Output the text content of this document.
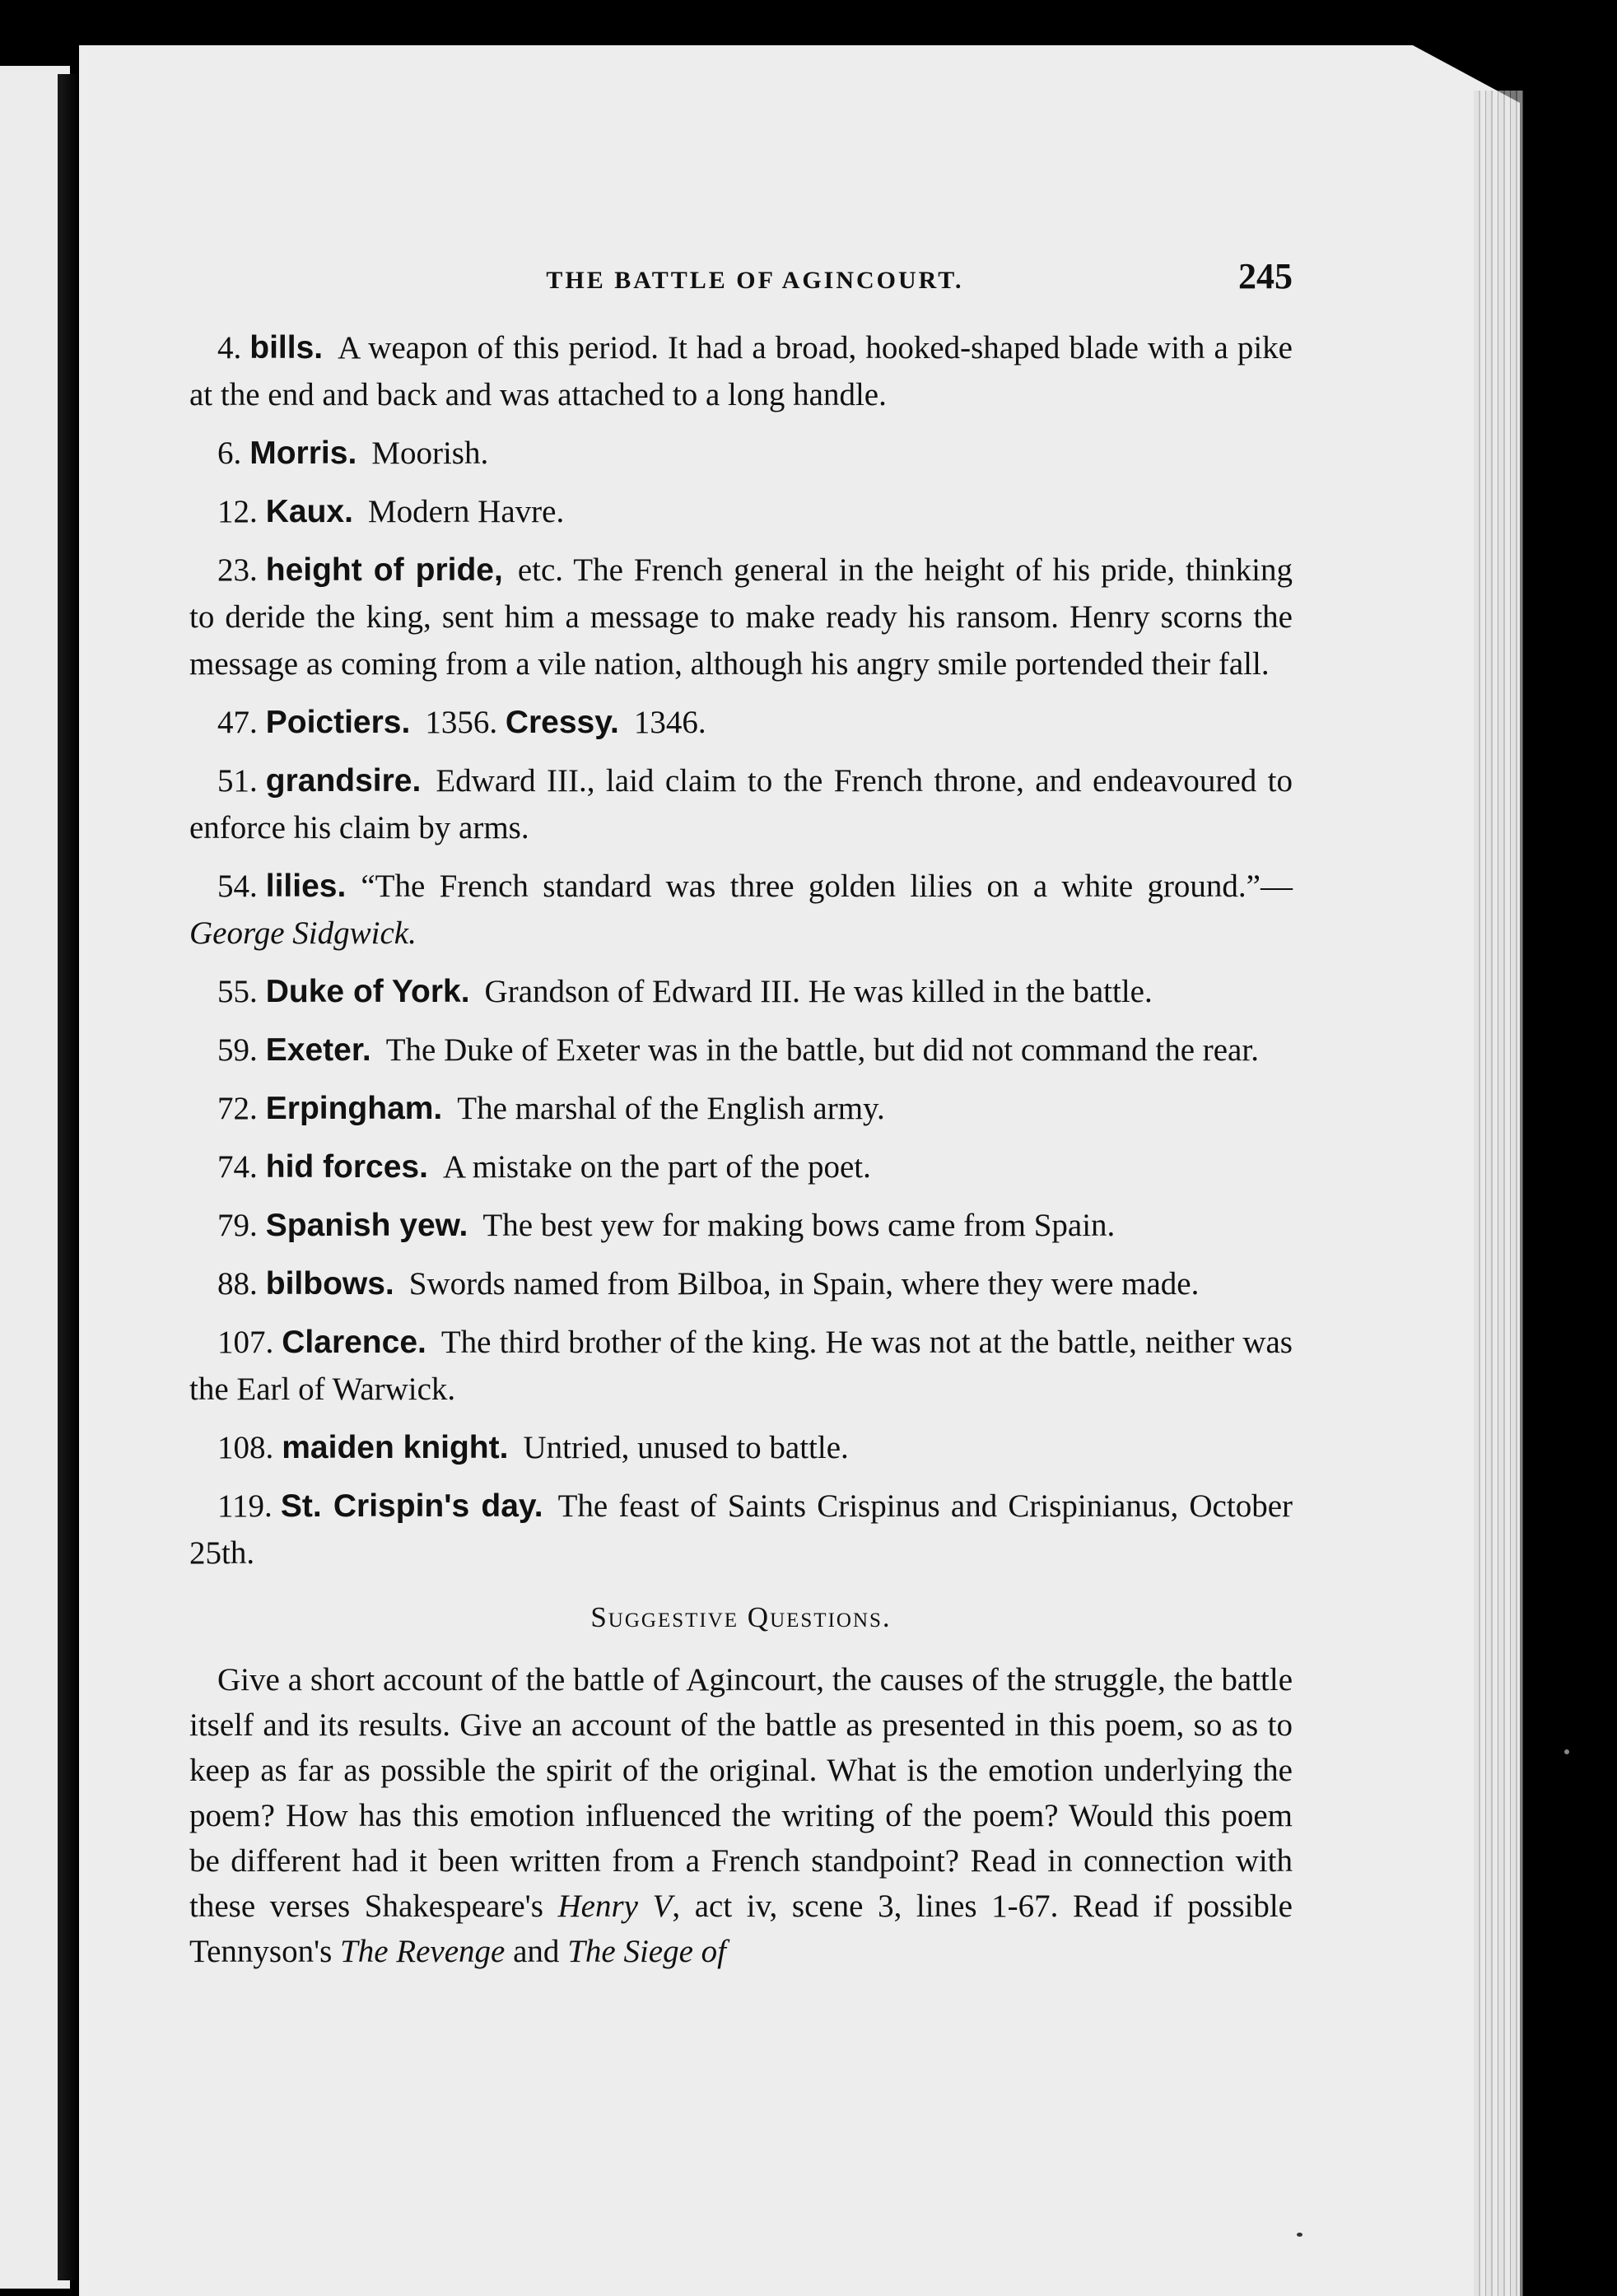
THE BATTLE OF AGINCOURT.	245
4. bills. A weapon of this period. It had a broad, hooked-shaped blade with a pike at the end and back and was attached to a long handle.
6. Morris. Moorish.
12. Kaux. Modern Havre.
23. height of pride, etc. The French general in the height of his pride, thinking to deride the king, sent him a message to make ready his ransom. Henry scorns the message as coming from a vile nation, although his angry smile portended their fall.
47. Poictiers. 1356. Cressy. 1346.
51. grandsire. Edward III., laid claim to the French throne, and endeavoured to enforce his claim by arms.
54. lilies. “The French standard was three golden lilies on a white ground.”—George Sidgwick.
55. Duke of York. Grandson of Edward III. He was killed in the battle.
59. Exeter. The Duke of Exeter was in the battle, but did not command the rear.
72. Erpingham. The marshal of the English army.
74. hid forces. A mistake on the part of the poet.
79. Spanish yew. The best yew for making bows came from Spain.
88. bilbows. Swords named from Bilboa, in Spain, where they were made.
107. Clarence. The third brother of the king. He was not at the battle, neither was the Earl of Warwick.
108. maiden knight. Untried, unused to battle.
119. St. Crispin's day. The feast of Saints Crispinus and Crispinianus, October 25th.
Suggestive Questions.
Give a short account of the battle of Agincourt, the causes of the struggle, the battle itself and its results. Give an account of the battle as presented in this poem, so as to keep as far as possible the spirit of the original. What is the emotion underlying the poem? How has this emotion influenced the writing of the poem? Would this poem be different had it been written from a French standpoint? Read in connection with these verses Shakespeare's Henry V, act iv, scene 3, lines 1-67. Read if possible Tennyson's The Revenge and The Siege of
